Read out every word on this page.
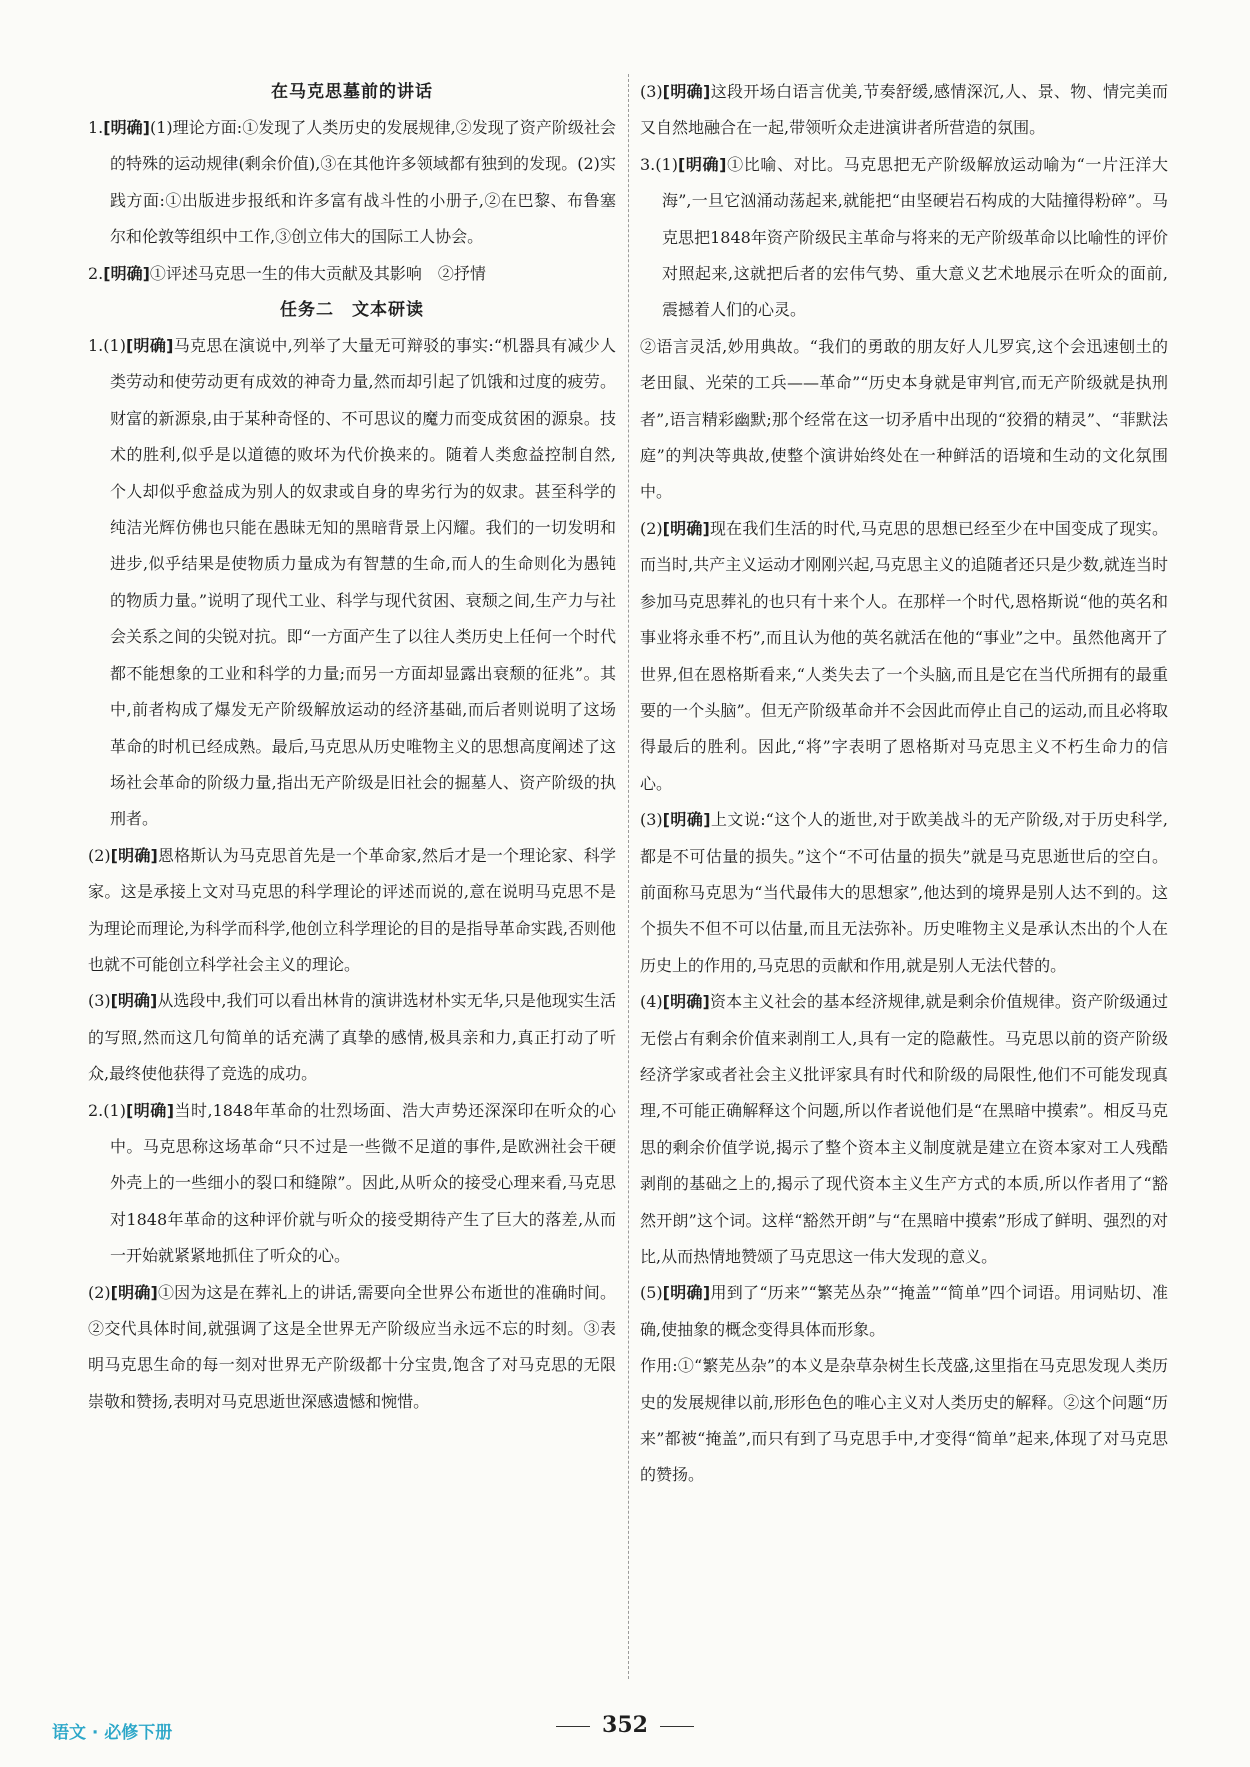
在马克思墓前的讲话

1.[明确](1)理论方面:①发现了人类历史的发展规律,②发现了资产阶级社会的特殊的运动规律(剩余价值),③在其他许多领域都有独到的发现。(2)实践方面:①出版进步报纸和许多富有战斗性的小册子,②在巴黎、布鲁塞尔和伦敦等组织中工作,③创立伟大的国际工人协会。

2.[明确]①评述马克思一生的伟大贡献及其影响　②抒情

任务二　文本研读

1.(1)[明确]马克思在演说中,列举了大量无可辩驳的事实:“机器具有减少人类劳动和使劳动更有成效的神奇力量,然而却引起了饥饿和过度的疲劳。财富的新源泉,由于某种奇怪的、不可思议的魔力而变成贫困的源泉。技术的胜利,似乎是以道德的败坏为代价换来的。随着人类愈益控制自然,个人却似乎愈益成为别人的奴隶或自身的卑劣行为的奴隶。甚至科学的纯洁光辉仿佛也只能在愚昧无知的黑暗背景上闪耀。我们的一切发明和进步,似乎结果是使物质力量成为有智慧的生命,而人的生命则化为愚钝的物质力量。”说明了现代工业、科学与现代贫困、衰颓之间,生产力与社会关系之间的尖锐对抗。即“一方面产生了以往人类历史上任何一个时代都不能想象的工业和科学的力量;而另一方面却显露出衰颓的征兆”。其中,前者构成了爆发无产阶级解放运动的经济基础,而后者则说明了这场革命的时机已经成熟。最后,马克思从历史唯物主义的思想高度阐述了这场社会革命的阶级力量,指出无产阶级是旧社会的掘墓人、资产阶级的执刑者。

(2)[明确]恩格斯认为马克思首先是一个革命家,然后才是一个理论家、科学家。这是承接上文对马克思的科学理论的评述而说的,意在说明马克思不是为理论而理论,为科学而科学,他创立科学理论的目的是指导革命实践,否则他也就不可能创立科学社会主义的理论。

(3)[明确]从选段中,我们可以看出林肯的演讲选材朴实无华,只是他现实生活的写照,然而这几句简单的话充满了真挚的感情,极具亲和力,真正打动了听众,最终使他获得了竞选的成功。

2.(1)[明确]当时,1848年革命的壮烈场面、浩大声势还深深印在听众的心中。马克思称这场革命“只不过是一些微不足道的事件,是欧洲社会干硬外壳上的一些细小的裂口和缝隙”。因此,从听众的接受心理来看,马克思对1848年革命的这种评价就与听众的接受期待产生了巨大的落差,从而一开始就紧紧地抓住了听众的心。

(2)[明确]①因为这是在葬礼上的讲话,需要向全世界公布逝世的准确时间。②交代具体时间,就强调了这是全世界无产阶级应当永远不忘的时刻。③表明马克思生命的每一刻对世界无产阶级都十分宝贵,饱含了对马克思的无限崇敬和赞扬,表明对马克思逝世深感遗憾和惋惜。

(3)[明确]这段开场白语言优美,节奏舒缓,感情深沉,人、景、物、情完美而又自然地融合在一起,带领听众走进演讲者所营造的氛围。

3.(1)[明确]①比喻、对比。马克思把无产阶级解放运动喻为“一片汪洋大海”,一旦它汹涌动荡起来,就能把“由坚硬岩石构成的大陆撞得粉碎”。马克思把1848年资产阶级民主革命与将来的无产阶级革命以比喻性的评价对照起来,这就把后者的宏伟气势、重大意义艺术地展示在听众的面前,震撼着人们的心灵。

②语言灵活,妙用典故。“我们的勇敢的朋友好人儿罗宾,这个会迅速刨土的老田鼠、光荣的工兵——革命”“历史本身就是审判官,而无产阶级就是执刑者”,语言精彩幽默;那个经常在这一切矛盾中出现的“狡猾的精灵”、“菲默法庭”的判决等典故,使整个演讲始终处在一种鲜活的语境和生动的文化氛围中。

(2)[明确]现在我们生活的时代,马克思的思想已经至少在中国变成了现实。而当时,共产主义运动才刚刚兴起,马克思主义的追随者还只是少数,就连当时参加马克思葬礼的也只有十来个人。在那样一个时代,恩格斯说“他的英名和事业将永垂不朽”,而且认为他的英名就活在他的“事业”之中。虽然他离开了世界,但在恩格斯看来,“人类失去了一个头脑,而且是它在当代所拥有的最重要的一个头脑”。但无产阶级革命并不会因此而停止自己的运动,而且必将取得最后的胜利。因此,“将”字表明了恩格斯对马克思主义不朽生命力的信心。

(3)[明确]上文说:“这个人的逝世,对于欧美战斗的无产阶级,对于历史科学,都是不可估量的损失。”这个“不可估量的损失”就是马克思逝世后的空白。前面称马克思为“当代最伟大的思想家”,他达到的境界是别人达不到的。这个损失不但不可以估量,而且无法弥补。历史唯物主义是承认杰出的个人在历史上的作用的,马克思的贡献和作用,就是别人无法代替的。

(4)[明确]资本主义社会的基本经济规律,就是剩余价值规律。资产阶级通过无偿占有剩余价值来剥削工人,具有一定的隐蔽性。马克思以前的资产阶级经济学家或者社会主义批评家具有时代和阶级的局限性,他们不可能发现真理,不可能正确解释这个问题,所以作者说他们是“在黑暗中摸索”。相反马克思的剩余价值学说,揭示了整个资本主义制度就是建立在资本家对工人残酷剥削的基础之上的,揭示了现代资本主义生产方式的本质,所以作者用了“豁然开朗”这个词。这样“豁然开朗”与“在黑暗中摸索”形成了鲜明、强烈的对比,从而热情地赞颂了马克思这一伟大发现的意义。

(5)[明确]用到了“历来”“繁芜丛杂”“掩盖”“简单”四个词语。用词贴切、准确,使抽象的概念变得具体而形象。

作用:①“繁芜丛杂”的本义是杂草杂树生长茂盛,这里指在马克思发现人类历史的发展规律以前,形形色色的唯心主义对人类历史的解释。②这个问题“历来”都被“掩盖”,而只有到了马克思手中,才变得“简单”起来,体现了对马克思的赞扬。

语文 · 必修下册	352
